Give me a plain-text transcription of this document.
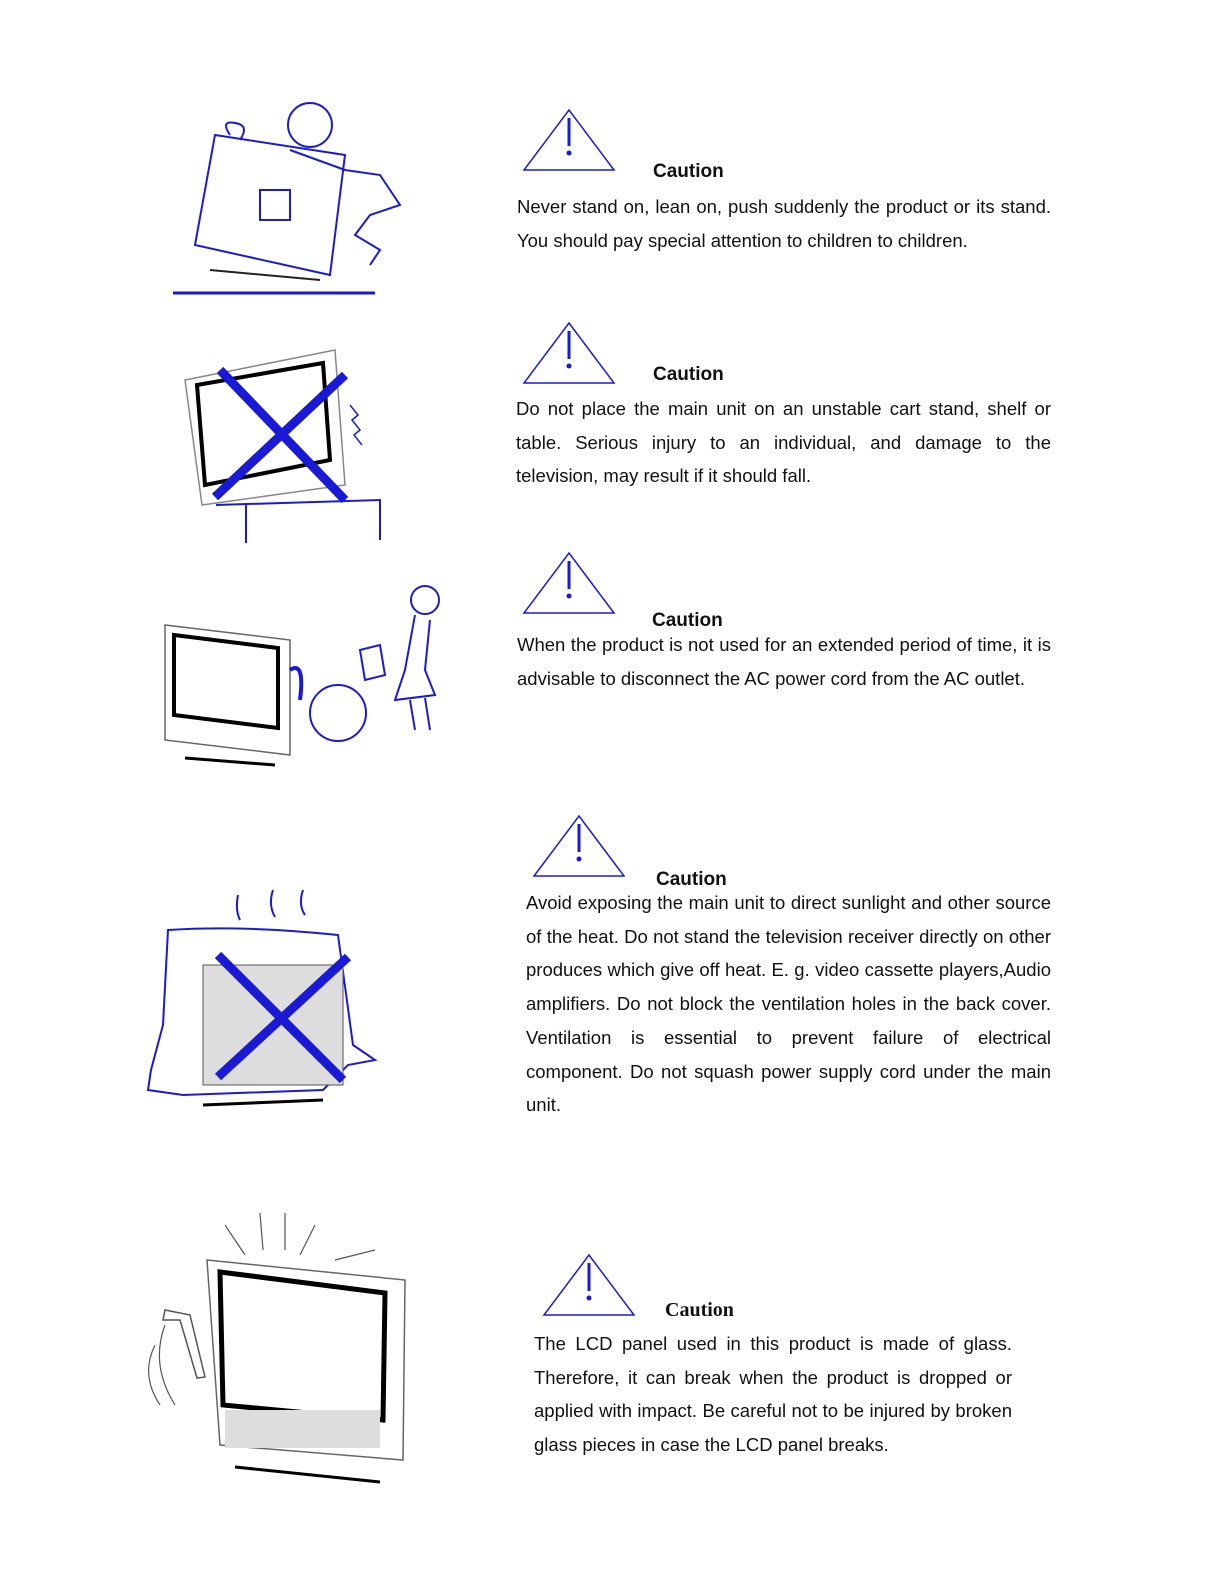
Caution
Caution
Caution
Caution
Caution
Never stand on, lean on, push suddenly the product or its stand. You should pay special attention to children to children.
Do not place the main unit on an unstable cart stand, shelf or table. Serious injury to an individual, and damage to the television, may result if it should fall.
When the product is not used for an extended period of time, it is advisable to disconnect the AC power cord from the AC outlet.
Avoid exposing the main unit to direct sunlight and other source of the heat. Do not stand the television receiver directly on other produces which give off heat. E. g. video cassette players,Audio amplifiers. Do not block the ventilation holes in the back cover. Ventilation is essential to prevent failure of electrical component. Do not squash power supply cord under the main unit.
The LCD panel used in this product is made of glass. Therefore, it can break when the product is dropped or applied with impact. Be careful not to be injured by broken glass pieces in case the LCD panel breaks.
